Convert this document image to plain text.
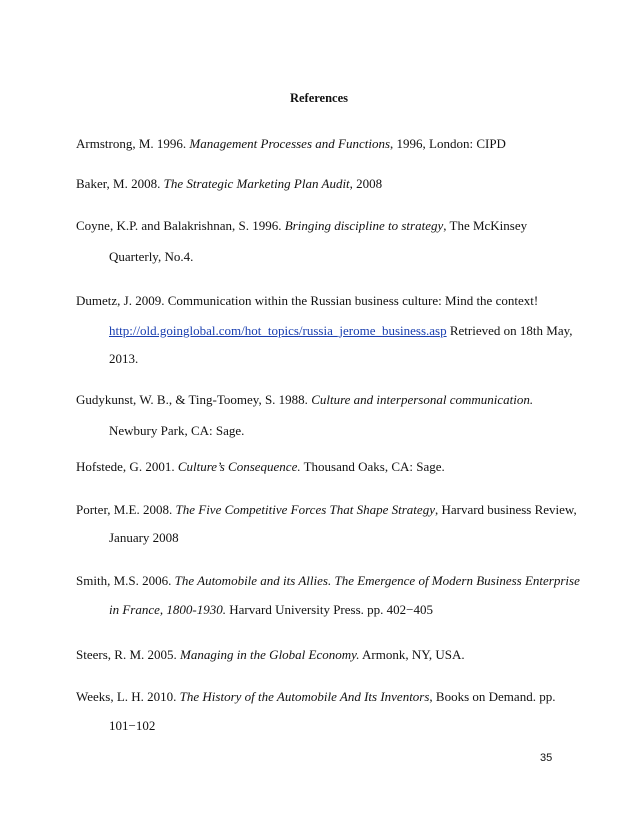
References
Armstrong, M. 1996. Management Processes and Functions, 1996, London: CIPD
Baker, M. 2008. The Strategic Marketing Plan Audit, 2008
Coyne, K.P. and Balakrishnan, S. 1996. Bringing discipline to strategy, The McKinsey
Quarterly, No.4.
Dumetz, J. 2009. Communication within the Russian business culture: Mind the context!
http://old.goinglobal.com/hot_topics/russia_jerome_business.asp Retrieved on 18th May,
2013.
Gudykunst, W. B., & Ting-Toomey, S. 1988. Culture and interpersonal communication.
Newbury Park, CA: Sage.
Hofstede, G. 2001. Culture’s Consequence. Thousand Oaks, CA: Sage.
Porter, M.E. 2008. The Five Competitive Forces That Shape Strategy, Harvard business Review,
January 2008
Smith, M.S. 2006. The Automobile and its Allies. The Emergence of Modern Business Enterprise
in France, 1800-1930. Harvard University Press. pp. 402−405
Steers, R. M. 2005. Managing in the Global Economy. Armonk, NY, USA.
Weeks, L. H. 2010. The History of the Automobile And Its Inventors, Books on Demand. pp.
101−102
35
